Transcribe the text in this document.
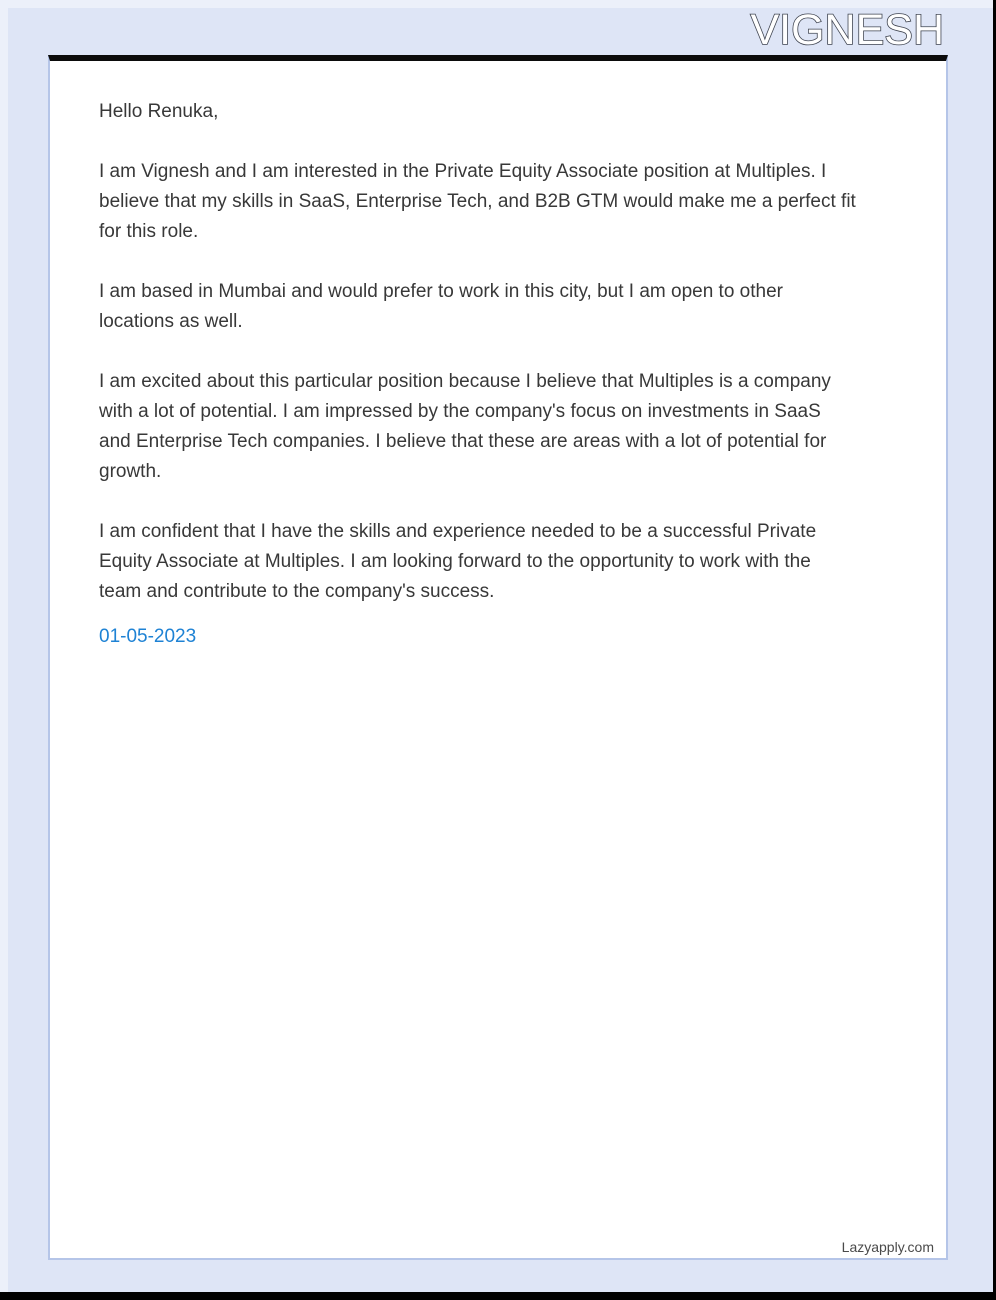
VIGNESH
Hello Renuka,
I am Vignesh and I am interested in the Private Equity Associate position at Multiples. I
believe that my skills in SaaS, Enterprise Tech, and B2B GTM would make me a perfect fit
for this role.
I am based in Mumbai and would prefer to work in this city, but I am open to other
locations as well.
I am excited about this particular position because I believe that Multiples is a company
with a lot of potential. I am impressed by the company's focus on investments in SaaS
and Enterprise Tech companies. I believe that these are areas with a lot of potential for
growth.
I am confident that I have the skills and experience needed to be a successful Private
Equity Associate at Multiples. I am looking forward to the opportunity to work with the
team and contribute to the company's success.
01-05-2023
Lazyapply.com
